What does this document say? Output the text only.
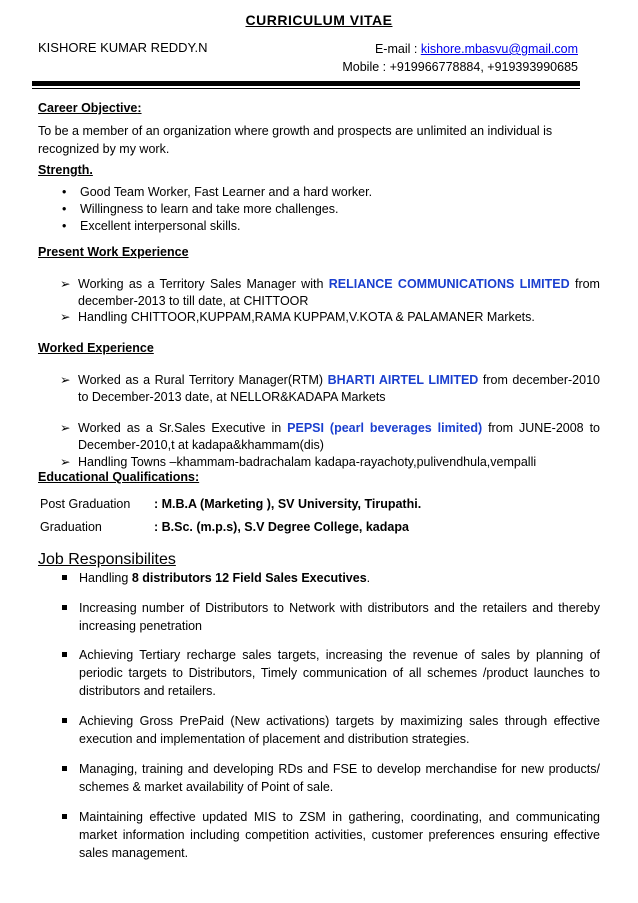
CURRICULUM VITAE
KISHORE KUMAR REDDY.N	E-mail : kishore.mbasvu@gmail.com
Mobile : +919966778884, +919393990685
Career Objective:
To be a member of an organization where growth and prospects are unlimited an individual is recognized by my work.
Strength.
• Good Team Worker, Fast Learner and a hard worker.
• Willingness to learn and take more challenges.
• Excellent interpersonal skills.
Present Work Experience
➢ Working as a Territory Sales Manager with RELIANCE COMMUNICATIONS LIMITED from december-2013 to till date, at CHITTOOR
➢ Handling CHITTOOR,KUPPAM,RAMA KUPPAM,V.KOTA & PALAMANER Markets.
Worked Experience
➢ Worked as a Rural Territory Manager(RTM) BHARTI AIRTEL LIMITED from december-2010 to December-2013 date, at NELLOR&KADAPA Markets
➢ Worked as a Sr.Sales Executive in PEPSI (pearl beverages limited) from JUNE-2008 to December-2010,t at kadapa&khammam(dis)
➢ Handling Towns –khammam-badrachalam kadapa-rayachoty,pulivendhula,vempalli
Educational Qualifications:
Post Graduation : M.B.A (Marketing ), SV University, Tirupathi.
Graduation	: B.Sc. (m.p.s), S.V Degree College, kadapa
Job Responsibilites
Handling 8 distributors 12 Field Sales Executives.
Increasing number of Distributors to Network with distributors and the retailers and thereby increasing penetration
Achieving Tertiary recharge sales targets, increasing the revenue of sales by planning of periodic targets to Distributors, Timely communication of all schemes /product launches to distributors and retailers.
Achieving Gross PrePaid (New activations) targets by maximizing sales through effective execution and implementation of placement and distribution strategies.
Managing, training and developing RDs and FSE to develop merchandise for new products/ schemes & market availability of Point of sale.
Maintaining effective updated MIS to ZSM in gathering, coordinating, and communicating market information including competition activities, customer preferences ensuring effective sales management.
